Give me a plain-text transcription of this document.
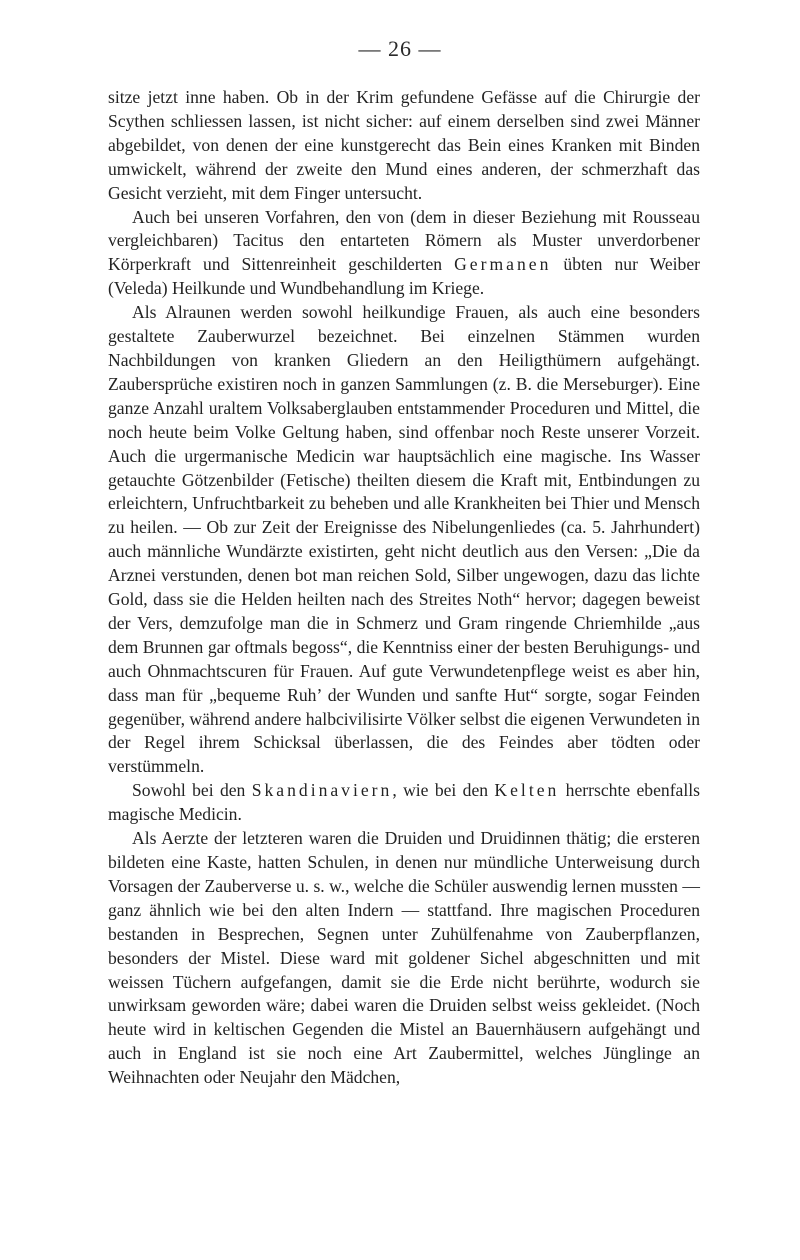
— 26 —

sitze jetzt inne haben. Ob in der Krim gefundene Gefässe auf die Chirurgie der Scythen schliessen lassen, ist nicht sicher: auf einem derselben sind zwei Männer abgebildet, von denen der eine kunstgerecht das Bein eines Kranken mit Binden umwickelt, während der zweite den Mund eines anderen, der schmerzhaft das Gesicht verzieht, mit dem Finger untersucht.

Auch bei unseren Vorfahren, den von (dem in dieser Beziehung mit Rousseau vergleichbaren) Tacitus den entarteten Römern als Muster unverdorbener Körperkraft und Sittenreinheit geschilderten Germanen übten nur Weiber (Veleda) Heilkunde und Wundbehandlung im Kriege.

Als Alraunen werden sowohl heilkundige Frauen, als auch eine besonders gestaltete Zauberwurzel bezeichnet. Bei einzelnen Stämmen wurden Nachbildungen von kranken Gliedern an den Heiligthümern aufgehängt. Zaubersprüche existiren noch in ganzen Sammlungen (z. B. die Merseburger). Eine ganze Anzahl uraltem Volksaberglauben entstammender Proceduren und Mittel, die noch heute beim Volke Geltung haben, sind offenbar noch Reste unserer Vorzeit. Auch die urgermanische Medicin war hauptsächlich eine magische. Ins Wasser getauchte Götzenbilder (Fetische) theilten diesem die Kraft mit, Entbindungen zu erleichtern, Unfruchtbarkeit zu beheben und alle Krankheiten bei Thier und Mensch zu heilen. — Ob zur Zeit der Ereignisse des Nibelungenliedes (ca. 5. Jahrhundert) auch männliche Wundärzte existirten, geht nicht deutlich aus den Versen: „Die da Arznei verstunden, denen bot man reichen Sold, Silber ungewogen, dazu das lichte Gold, dass sie die Helden heilten nach des Streites Noth“ hervor; dagegen beweist der Vers, demzufolge man die in Schmerz und Gram ringende Chriemhilde „aus dem Brunnen gar oftmals begoss“, die Kenntniss einer der besten Beruhigungs- und auch Ohnmachtscuren für Frauen. Auf gute Verwundetenpflege weist es aber hin, dass man für „bequeme Ruh’ der Wunden und sanfte Hut“ sorgte, sogar Feinden gegenüber, während andere halbcivilisirte Völker selbst die eigenen Verwundeten in der Regel ihrem Schicksal überlassen, die des Feindes aber tödten oder verstümmeln.

Sowohl bei den Skandinaviern, wie bei den Kelten herrschte ebenfalls magische Medicin.

Als Aerzte der letzteren waren die Druiden und Druidinnen thätig; die ersteren bildeten eine Kaste, hatten Schulen, in denen nur mündliche Unterweisung durch Vorsagen der Zauberverse u. s. w., welche die Schüler auswendig lernen mussten — ganz ähnlich wie bei den alten Indern — stattfand. Ihre magischen Proceduren bestanden in Besprechen, Segnen unter Zuhülfenahme von Zauberpflanzen, besonders der Mistel. Diese ward mit goldener Sichel abgeschnitten und mit weissen Tüchern aufgefangen, damit sie die Erde nicht berührte, wodurch sie unwirksam geworden wäre; dabei waren die Druiden selbst weiss gekleidet. (Noch heute wird in keltischen Gegenden die Mistel an Bauernhäusern aufgehängt und auch in England ist sie noch eine Art Zaubermittel, welches Jünglinge an Weihnachten oder Neujahr den Mädchen,
